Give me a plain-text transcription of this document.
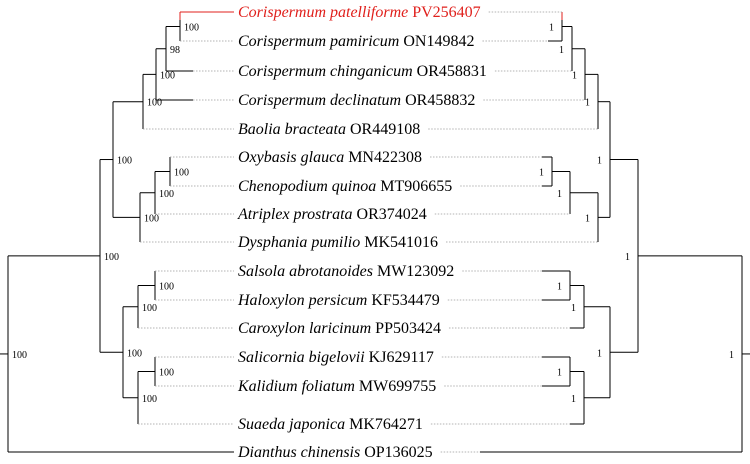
100
98
100
100
100
100
100
100
100
100
100
100
100
100
100
1
1
1
1
1
1
1
1
1
1
1
1
1
1
1
Corispermum patelliforme PV256407
Corispermum pamiricum ON149842
Corispermum chinganicum OR458831
Corispermum declinatum OR458832
Baolia bracteata OR449108
Oxybasis glauca MN422308
Chenopodium quinoa MT906655
Atriplex prostrata OR374024
Dysphania pumilio MK541016
Salsola abrotanoides MW123092
Haloxylon persicum KF534479
Caroxylon laricinum PP503424
Salicornia bigelovii KJ629117
Kalidium foliatum MW699755
Suaeda japonica MK764271
Dianthus chinensis OP136025
